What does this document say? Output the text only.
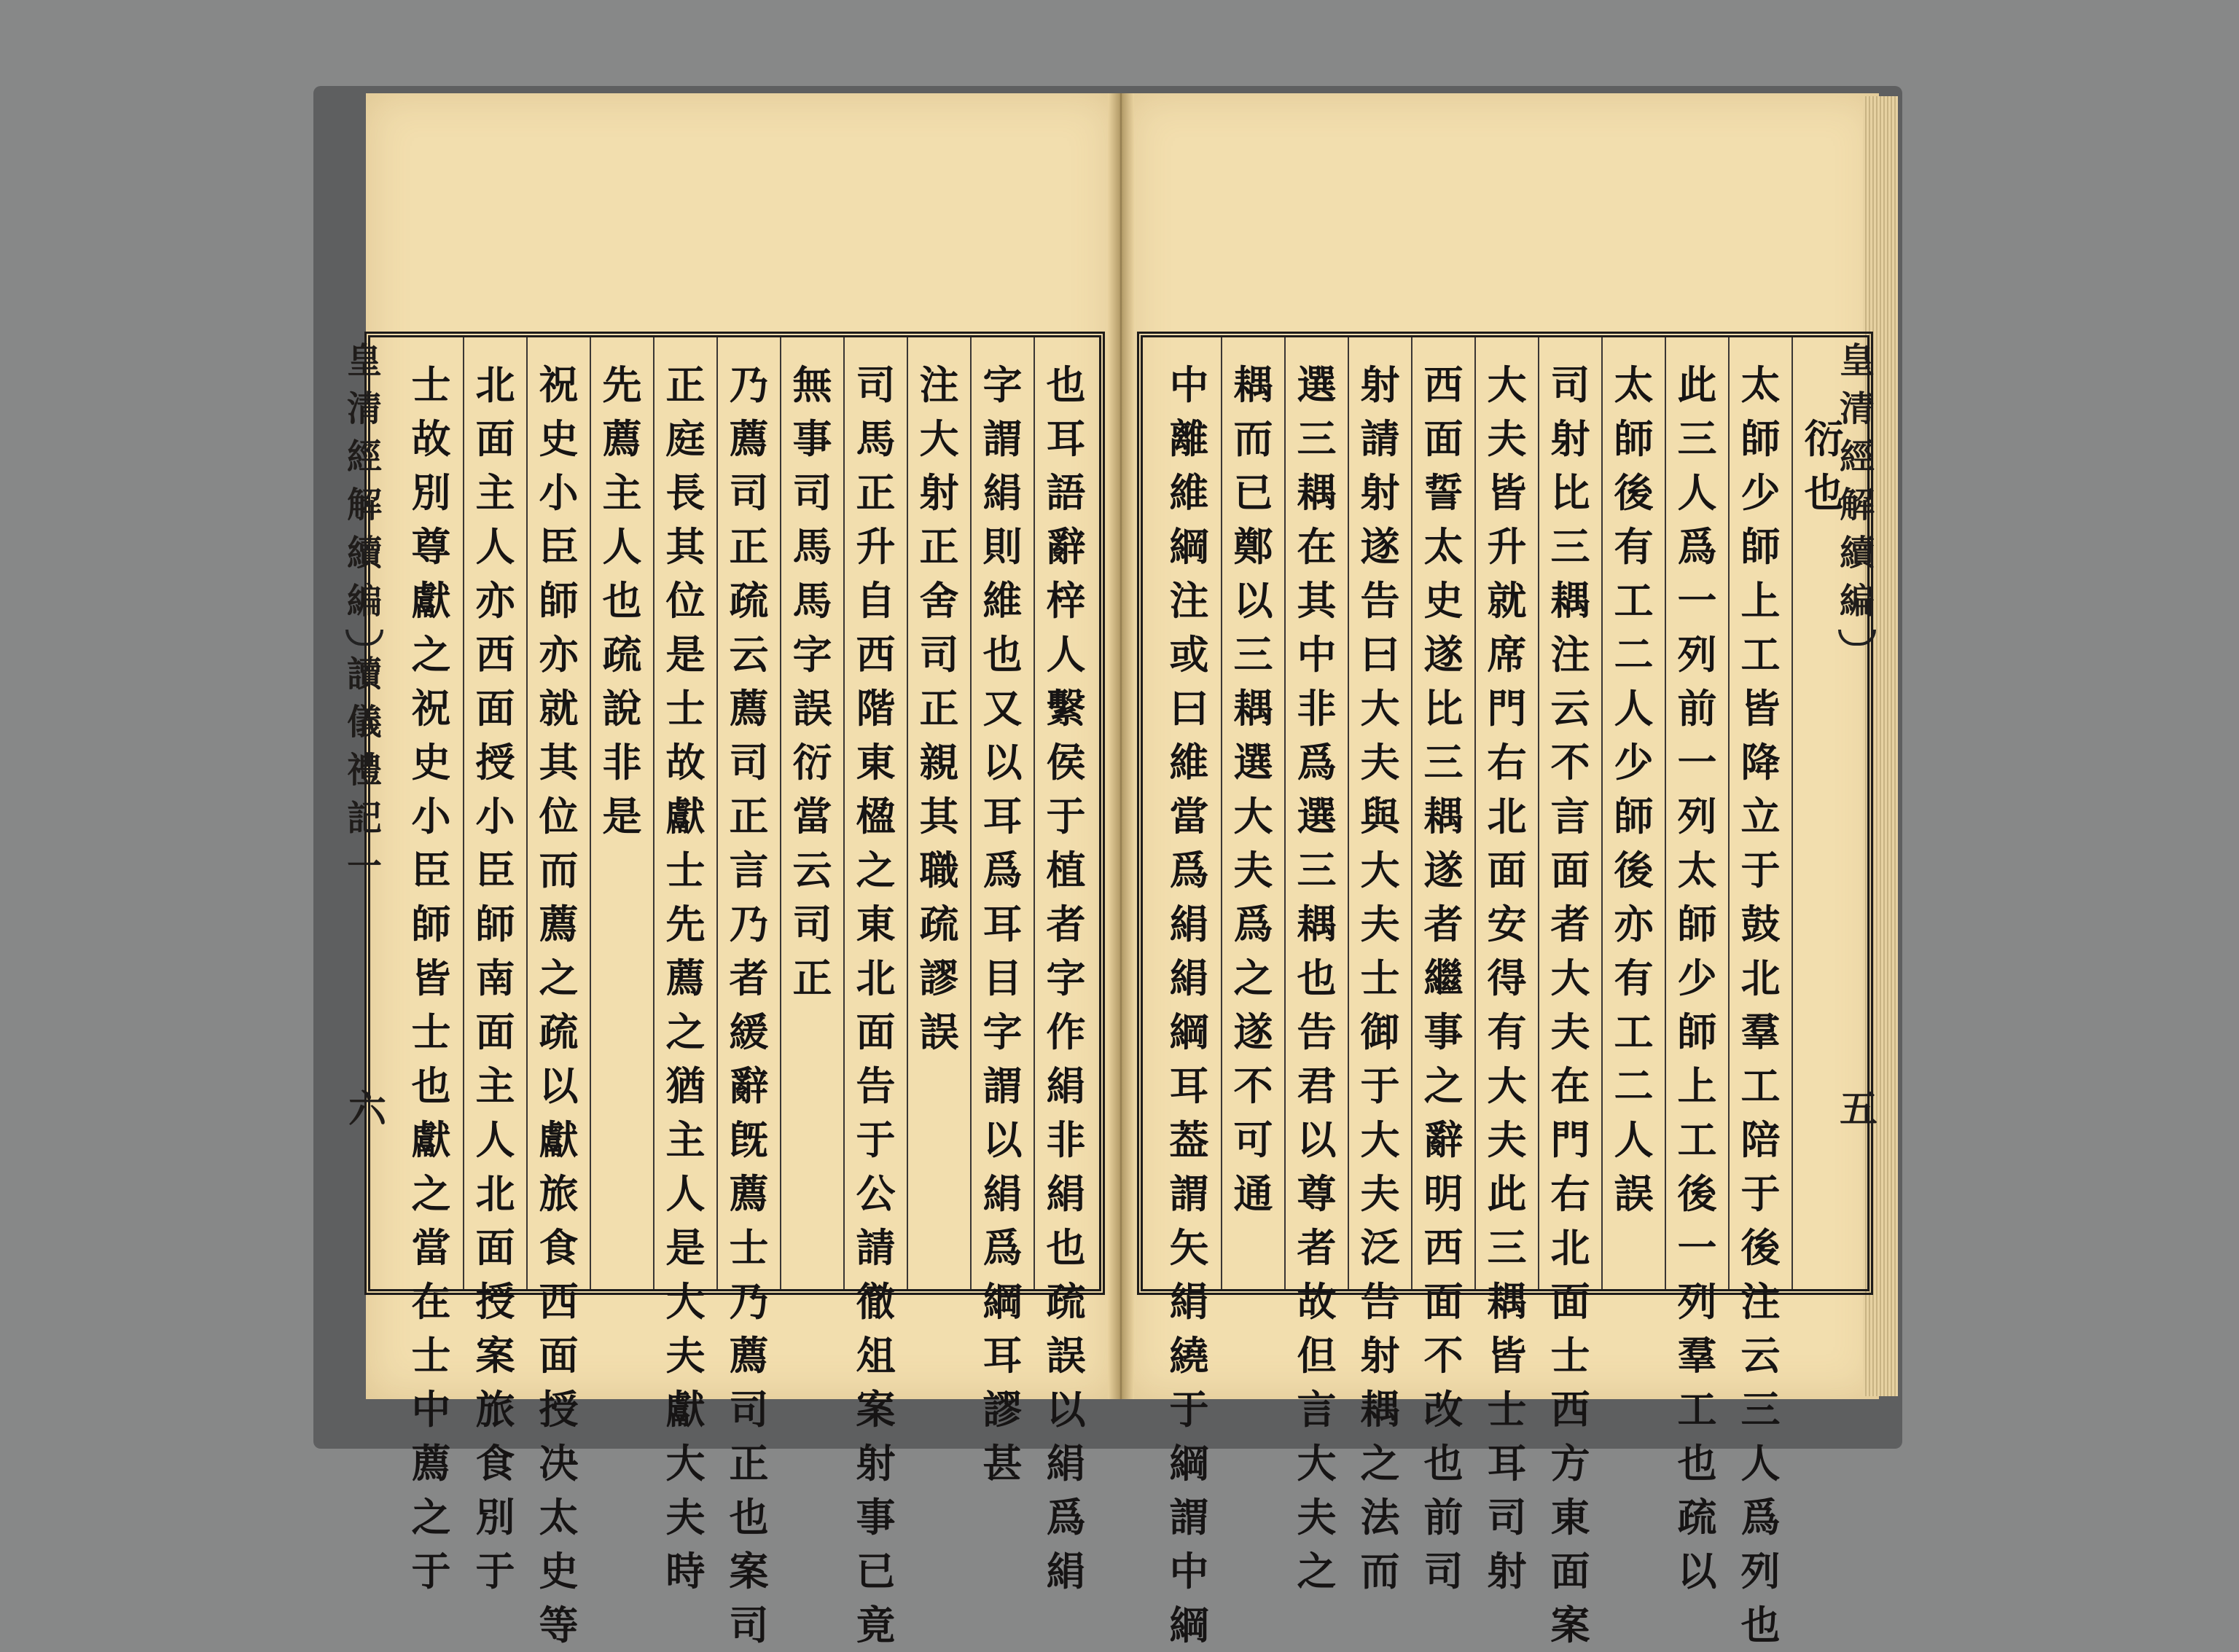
皇
清
經
解
續
編
讀
儀
禮
記
一
六
皇
清
經
解
續
編
五
士
故
別
尊
獻
之
祝
史
小
臣
師
皆
士
也
獻
之
當
在
士
中
薦
之
于
北
面
主
人
亦
西
面
授
小
臣
師
南
面
主
人
北
面
授
案
旅
食
別
于
祝
史
小
臣
師
亦
就
其
位
而
薦
之
疏
以
獻
旅
食
西
面
授
决
太
史
等
先
薦
主
人
也
疏
說
非
是
正
庭
長
其
位
是
士
故
獻
士
先
薦
之
猶
主
人
是
大
夫
獻
大
夫
時
乃
薦
司
正
疏
云
薦
司
正
言
乃
者
緩
辭
旣
薦
士
乃
薦
司
正
也
案
司
無
事
司
馬
馬
字
誤
衍
當
云
司
正
司
馬
正
升
自
西
階
東
楹
之
東
北
面
告
于
公
請
徹
俎
案
射
事
已
竟
注
大
射
正
舍
司
正
親
其
職
疏
謬
誤
字
謂
絹
則
維
也
又
以
耳
爲
耳
目
字
謂
以
絹
爲
綱
耳
謬
甚
也
耳
語
辭
梓
人
繫
侯
于
植
者
字
作
絹
非
絹
也
疏
誤
以
絹
爲
絹
中
離
維
綱
注
或
曰
維
當
爲
絹
絹
綱
耳
葢
謂
矢
絹
繞
于
綱
謂
中
綱
耦
而
已
鄭
以
三
耦
選
大
夫
爲
之
遂
不
可
通
選
三
耦
在
其
中
非
爲
選
三
耦
也
告
君
以
尊
者
故
但
言
大
夫
之
射
請
射
遂
告
曰
大
夫
與
大
夫
士
御
于
大
夫
泛
告
射
耦
之
法
而
西
面
誓
太
史
遂
比
三
耦
遂
者
繼
事
之
辭
明
西
面
不
改
也
前
司
大
夫
皆
升
就
席
門
右
北
面
安
得
有
大
夫
此
三
耦
皆
士
耳
司
射
司
射
比
三
耦
注
云
不
言
面
者
大
夫
在
門
右
北
面
士
西
方
東
面
案
太
師
後
有
工
二
人
少
師
後
亦
有
工
二
人
誤
此
三
人
爲
一
列
前
一
列
太
師
少
師
上
工
後
一
列
羣
工
也
疏
以
太
師
少
師
上
工
皆
降
立
于
鼓
北
羣
工
陪
于
後
注
云
三
人
爲
列
也

衍
也
